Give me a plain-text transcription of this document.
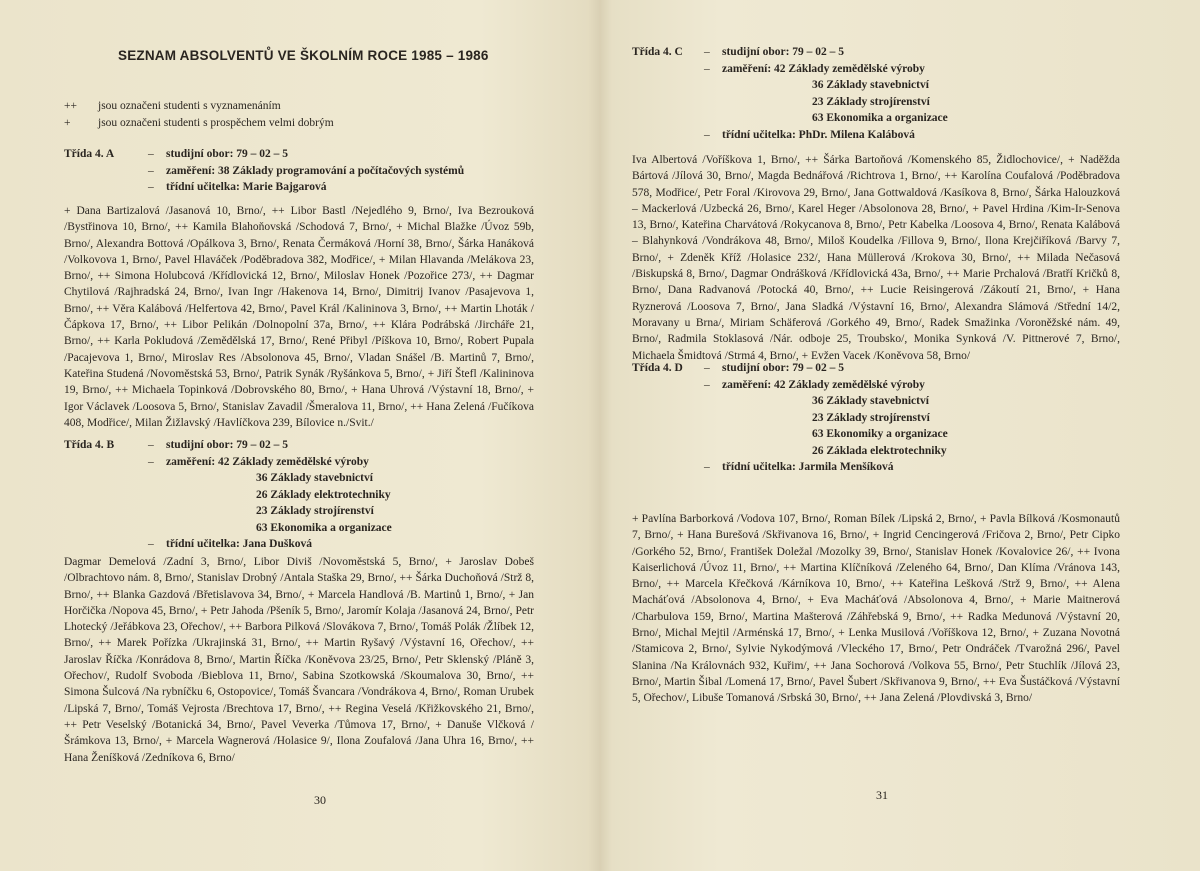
SEZNAM ABSOLVENTŮ VE ŠKOLNÍM ROCE 1985 – 1986
++	jsou označeni studenti s vyznamenáním
+	jsou označeni studenti s prospěchem velmi dobrým
Třída 4. A	– studijní obor: 79 – 02 – 5
– zaměření: 38 Základy programování a počítačových systémů
– třídní učitelka: Marie Bajgarová
+ Dana Bartizalová /Jasanová 10, Brno/, ++ Libor Bastl /Nejedlého 9, Brno/, Iva Bezrouková /Bystřinova 10, Brno/, ++ Kamila Blahoňovská /Schodová 7, Brno/, + Michal Blažke /Úvoz 59b, Brno/, Alexandra Bottová /Opálkova 3, Brno/, Renata Čermáková /Horní 38, Brno/, Šárka Hanáková /Volkovova 1, Brno/, Pavel Hlaváček /Poděbradova 382, Modřice/, + Milan Hlavanda /Melákova 23, Brno/, ++ Simona Holubcová /Křídlovická 12, Brno/, Miloslav Honek /Pozořice 273/, ++ Dagmar Chytilová /Rajhradská 24, Brno/, Ivan Ingr /Hakenova 14, Brno/, Dimitrij Ivanov /Pasajevova 1, Brno/, ++ Věra Kalábová /Helfertova 42, Brno/, Pavel Král /Kalininova 3, Brno/, ++ Martin Lhoták /Čápkova 17, Brno/, ++ Libor Pelikán /Dolnopolní 37a, Brno/, ++ Klára Podrábská /Jircháře 21, Brno/, ++ Karla Pokludová /Zemědělská 17, Brno/, René Přibyl /Píškova 10, Brno/, Robert Pupala /Pacajevova 1, Brno/, Miroslav Res /Absolonova 45, Brno/, Vladan Snášel /B. Martinů 7, Brno/, Kateřina Studená /Novoměstská 53, Brno/, Patrik Synák /Ryšánkova 5, Brno/, + Jiří Štefl /Kalininova 19, Brno/, ++ Michaela Topinková /Dobrovského 80, Brno/, + Hana Uhrová /Výstavní 18, Brno/, + Igor Václavek /Loosova 5, Brno/, Stanislav Zavadil /Šmeralova 11, Brno/, ++ Hana Zelená /Fučíkova 408, Modřice/, Milan Žižlavský /Havlíčkova 239, Bílovice n./Svit./
Třída 4. B	– studijní obor: 79 – 02 – 5
– zaměření: 42 Základy zemědělské výroby
36 Základy stavebnictví
26 Základy elektrotechniky
23 Základy strojírenství
63 Ekonomika a organizace
– třídní učitelka: Jana Dušková
Dagmar Demelová /Zadní 3, Brno/, Libor Diviš /Novoměstská 5, Brno/, + Jaroslav Dobeš /Olbrachtovo nám. 8, Brno/, Stanislav Drobný /Antala Staška 29, Brno/, ++ Šárka Duchoňová /Strž 8, Brno/, ++ Blanka Gazdová /Břetislavova 34, Brno/, + Marcela Handlová /B. Martinů 1, Brno/, + Jan Horčička /Nopova 45, Brno/, + Petr Jahoda /Pšeník 5, Brno/, Jaromír Kolaja /Jasanová 24, Brno/, Petr Lhotecký /Jeřábkova 23, Ořechov/, ++ Barbora Pilková /Slovákova 7, Brno/, Tomáš Polák /Žlíbek 12, Brno/, ++ Marek Pořízka /Ukrajinská 31, Brno/, ++ Martin Ryšavý /Výstavní 16, Ořechov/, ++ Jaroslav Říčka /Konrádova 8, Brno/, Martin Říčka /Koněvova 23/25, Brno/, Petr Sklenský /Pláně 3, Ořechov/, Rudolf Svoboda /Bieblova 11, Brno/, Sabina Szotkowská /Skoumalova 30, Brno/, ++ Simona Šulcová /Na rybníčku 6, Ostopovice/, Tomáš Švancara /Vondrákova 4, Brno/, Roman Urubek /Lipská 7, Brno/, Tomáš Vejrosta /Brechtova 17, Brno/, ++ Regina Veselá /Křižkovského 21, Brno/, ++ Petr Veselský /Botanická 34, Brno/, Pavel Veverka /Tůmova 17, Brno/, + Danuše Vlčková /Šrámkova 13, Brno/, + Marcela Wagnerová /Holasice 9/, Ilona Zoufalová /Jana Uhra 16, Brno/, ++ Hana Ženíšková /Zedníkova 6, Brno/
30
Třída 4. C – studijní obor: 79 – 02 – 5
– zaměření: 42 Základy zemědělské výroby
36 Základy stavebnictví
23 Základy strojírenství
63 Ekonomika a organizace
– třídní učitelka: PhDr. Milena Kalábová
Iva Albertová /Voříškova 1, Brno/, ++ Šárka Bartoňová /Komenského 85, Židlochovice/, + Naděžda Bártová /Jílová 30, Brno/, Magda Bednářová /Richtrova 1, Brno/, ++ Karolína Coufalová /Poděbradova 578, Modřice/, Petr Foral /Kirovova 29, Brno/, Jana Gottwaldová /Kasíkova 8, Brno/, Šárka Halouzková – Mackerlová /Uzbecká 26, Brno/, Karel Heger /Absolonova 28, Brno/, + Pavel Hrdina /Kim-Ir-Senova 13, Brno/, Kateřina Charvátová /Rokycanova 8, Brno/, Petr Kabelka /Loosova 4, Brno/, Renata Kalábová – Blahynková /Vondrákova 48, Brno/, Miloš Koudelka /Fillova 9, Brno/, Ilona Krejčiříková /Barvy 7, Brno/, + Zdeněk Kříž /Holasice 232/, Hana Müllerová /Krokova 30, Brno/, ++ Milada Nečasová /Biskupská 8, Brno/, Dagmar Ondrášková /Křídlovická 43a, Brno/, ++ Marie Prchalová /Bratří Kričků 8, Brno/, Dana Radvanová /Potocká 40, Brno/, ++ Lucie Reisingerová /Zákoutí 21, Brno/, + Hana Ryznerová /Loosova 7, Brno/, Jana Sladká /Výstavní 16, Brno/, Alexandra Slámová /Střední 14/2, Moravany u Brna/, Miriam Schäferová /Gorkého 49, Brno/, Radek Smažinka /Voroněžské nám. 49, Brno/, Radmila Stoklasová /Nár. odboje 25, Troubsko/, Monika Synková /V. Pittnerové 7, Brno/, Michaela Šmidtová /Strmá 4, Brno/, + Evžen Vacek /Koněvova 58, Brno/
Třída 4. D – studijní obor: 79 – 02 – 5
– zaměření: 42 Základy zemědělské výroby
36 Základy stavebnictví
23 Základy strojírenství
63 Ekonomiky a organizace
26 Základa elektrotechniky
– třídní učitelka: Jarmila Menšíková
+ Pavlína Barborková /Vodova 107, Brno/, Roman Bílek /Lipská 2, Brno/, + Pavla Bílková /Kosmonautů 7, Brno/, + Hana Burešová /Skřivanova 16, Brno/, + Ingrid Cencingerová /Fričova 2, Brno/, Petr Cipko /Gorkého 52, Brno/, František Doležal /Mozolky 39, Brno/, Stanislav Honek /Kovalovice 26/, ++ Ivona Kaiserlichová /Úvoz 11, Brno/, ++ Martina Klíčníková /Zeleného 64, Brno/, Dan Klíma /Vránova 143, Brno/, ++ Marcela Křečková /Kárníkova 10, Brno/, ++ Kateřina Lešková /Strž 9, Brno/, ++ Alena Macháťová /Absolonova 4, Brno/, + Eva Macháťová /Absolonova 4, Brno/, + Marie Maitnerová /Charbulova 159, Brno/, Martina Mašterová /Záhřebská 9, Brno/, ++ Radka Medunová /Výstavní 20, Brno/, Michal Mejtil /Arménská 17, Brno/, + Lenka Musilová /Voříškova 12, Brno/, + Zuzana Novotná /Stamicova 2, Brno/, Sylvie Nykodýmová /Vleckého 17, Brno/, Petr Ondráček /Tvarožná 296/, Pavel Slanina /Na Královnách 932, Kuřim/, ++ Jana Sochorová /Volkova 55, Brno/, Petr Stuchlík /Jílová 23, Brno/, Martin Šibal /Lomená 17, Brno/, Pavel Šubert /Skřivanova 9, Brno/, ++ Eva Šustáčková /Výstavní 5, Ořechov/, Libuše Tomanová /Srbská 30, Brno/, ++ Jana Zelená /Plovdivská 3, Brno/
31
